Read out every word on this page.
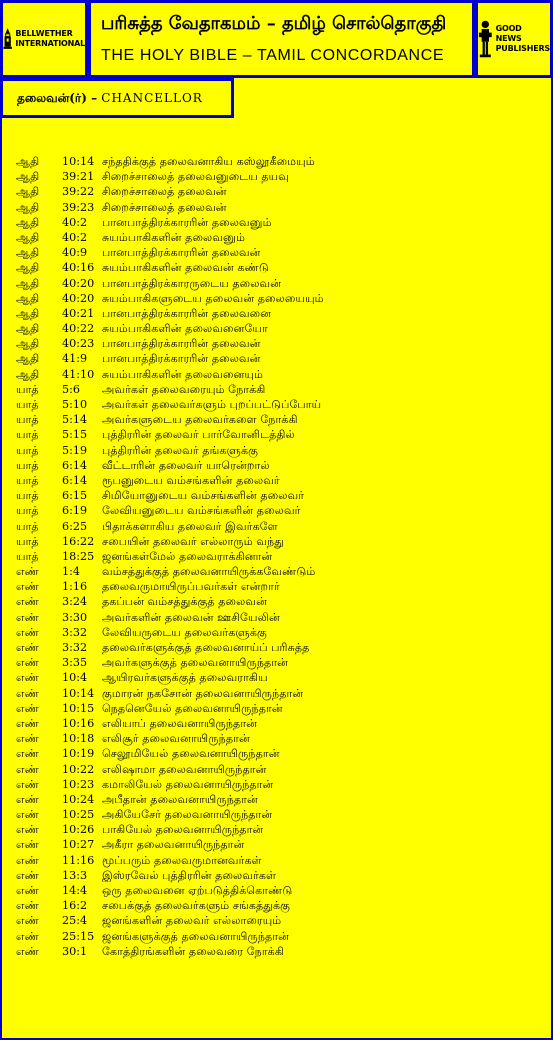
BELLWETHER
INTERNATIONAL
பரிசுத்த வேதாகமம் – தமிழ் சொல்தொகுதி
THE HOLY BIBLE – TAMIL CONCORDANCE
GOOD NEWS
PUBLISHERS
தலைவன்(ர்) – CHANCELLOR
ஆதி	10:14 சந்ததிக்குத் தலைவனாகிய கஸ்லூகீமையும்
ஆதி	39:21 சிறைச்சாலைத் தலைவனுடைய தயவு
ஆதி	39:22 சிறைச்சாலைத் தலைவன்
ஆதி	39:23 சிறைச்சாலைத் தலைவன்
ஆதி	40:2	பானபாத்திரக்காரரின் தலைவனும்
ஆதி	40:2	சுயம்பாகிகளின் தலைவனும்
ஆதி	40:9	பானபாத்திரக்காரரின் தலைவன்
ஆதி	40:16 சுயம்பாகிகளின் தலைவன் கண்டு
ஆதி	40:20 பானபாத்திரக்காரருடைய தலைவன்
ஆதி	40:20 சுயம்பாகிகளுடைய தலைவன் தலையையும்
ஆதி	40:21 பானபாத்திரக்காரரின் தலைவனை
ஆதி	40:22 சுயம்பாகிகளின் தலைவனையோ
ஆதி	40:23 பானபாத்திரக்காரரின் தலைவன்
ஆதி	41:9	பானபாத்திரக்காரரின் தலைவன்
ஆதி	41:10 சுயம்பாகிகளின் தலைவனையும்
யாத்	5:6	அவர்கள் தலைவரையும் நோக்கி
யாத்	5:10	அவர்கள் தலைவர்களும் புறப்பட்டுப்போய்
யாத்	5:14	அவர்களுடைய தலைவர்களை நோக்கி
யாத்	5:15	புத்திரரின் தலைவர் பார்வோனிடத்தில்
யாத்	5:19	புத்திரரின் தலைவர் தங்களுக்கு
யாத்	6:14	வீட்டாரின் தலைவர் யாரென்றால்
யாத்	6:14	ரூபனுடைய வம்சங்களின் தலைவர்
யாத்	6:15	சிமியோனுடைய வம்சங்களின் தலைவர்
யாத்	6:19	லேவியனுடைய வம்சங்களின் தலைவர்
யாத்	6:25	பிதாக்களாகிய தலைவர் இவர்களே
யாத்	16:22 சபையின் தலைவர் எல்லாரும் வந்து
யாத்	18:25 ஜனங்கள்மேல் தலைவராக்கினான்
எண்	1:4	வம்சத்துக்குத் தலைவனாயிருக்கவேண்டும்
எண்	1:16	தலைவருமாயிருப்பவர்கள் என்றார்
எண்	3:24	தகப்பன் வம்சத்துக்குத் தலைவன்
எண்	3:30	அவர்களின் தலைவன் ஊசியேலின்
எண்	3:32	லேவியருடைய தலைவர்களுக்கு
எண்	3:32	தலைவர்களுக்குத் தலைவனாய்ப் பரிசுத்த
எண்	3:35	அவர்களுக்குத் தலைவனாயிருந்தான்
எண்	10:4	ஆயிரவர்களுக்குத் தலைவராகிய
எண்	10:14 குமாரன் நகசோன் தலைவனாயிருந்தான்
எண்	10:15 நெதனெயேல் தலைவனாயிருந்தான்
எண்	10:16 எலியாப் தலைவனாயிருந்தான்
எண்	10:18 எலிசூர் தலைவனாயிருந்தான்
எண்	10:19 செலூமியேல் தலைவனாயிருந்தான்
எண்	10:22 எலிஷாமா தலைவனாயிருந்தான்
எண்	10:23 கமாலியேல் தலைவனாயிருந்தான்
எண்	10:24 அபீதான் தலைவனாயிருந்தான்
எண்	10:25 அகியேசேர் தலைவனாயிருந்தான்
எண்	10:26 பாகியேல் தலைவனாயிருந்தான்
எண்	10:27 அகீரா தலைவனாயிருந்தான்
எண்	11:16 மூப்பரும் தலைவருமானவர்கள்
எண்	13:3	இஸ்ரவேல் புத்திரரின் தலைவர்கள்
எண்	14:4	ஒரு தலைவனை ஏற்படுத்திக்கொண்டு
எண்	16:2	சபைக்குத் தலைவர்களும் சங்கத்துக்கு
எண்	25:4	ஜனங்களின் தலைவர் எல்லாரையும்
எண்	25:15 ஜனங்களுக்குத் தலைவனாயிருந்தான்
எண்	30:1	கோத்திரங்களின் தலைவரை நோக்கி
